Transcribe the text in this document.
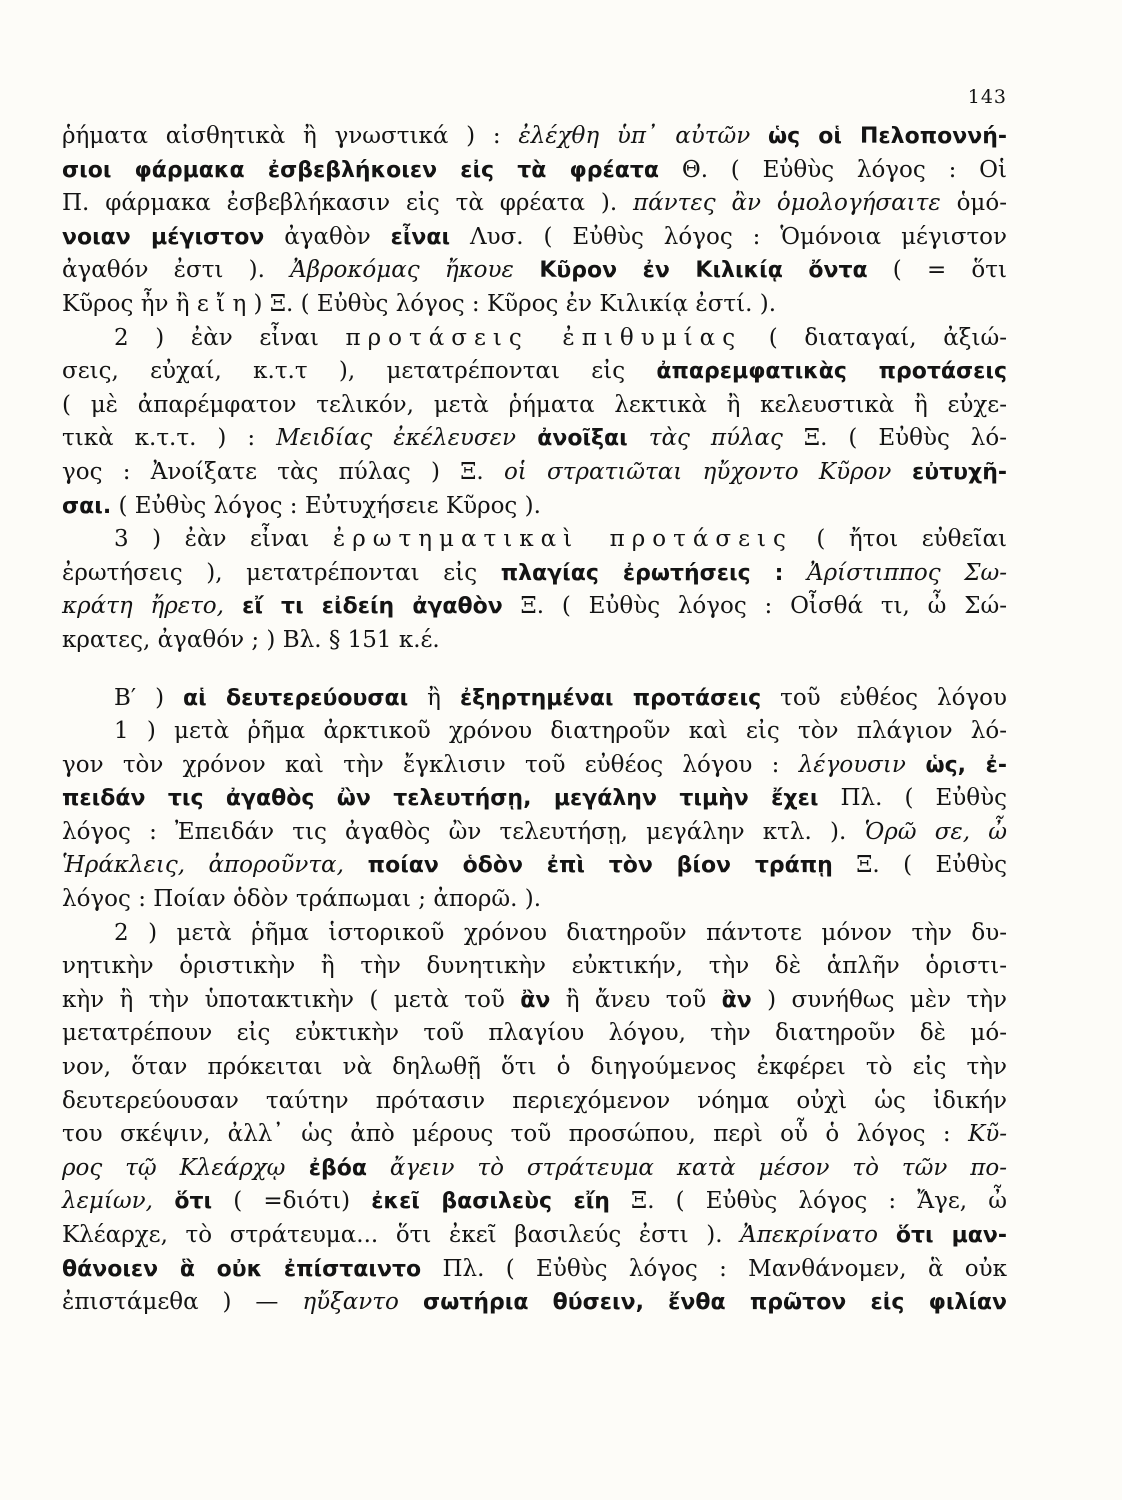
143
ῥήματα αἰσθητικὰ ἢ γνωστικά ) : ἐλέχθη ὑπ᾽ αὐτῶν ὡς οἱ Πελοποννή-
σιοι φάρμακα ἐσβεβλήκοιεν εἰς τὰ φρέατα Θ. ( Εὐθὺς λόγος : Οἱ
Π. φάρμακα ἐσβεβλήκασιν εἰς τὰ φρέατα ). πάντες ἂν ὁμολογήσαιτε ὁμό-
νοιαν μέγιστον ἀγαθὸν εἶναι Λυσ. ( Εὐθὺς λόγος : Ὁμόνοια μέγιστον
ἀγαθόν ἐστι ). Ἀβροκόμας ἤκουε Κῦρον ἐν Κιλικίᾳ ὄντα ( = ὅτι
Κῦρος ἦν ἢ ε ἴ η ) Ξ. ( Εὐθὺς λόγος : Κῦρος ἐν Κιλικίᾳ ἐστί. ).
2 ) ἐὰν εἶναι προτάσεις ἐπιθυμίας ( διαταγαί, ἀξιώ-
σεις, εὐχαί, κ.τ.τ ), μετατρέπονται εἰς ἀπαρεμφατικὰς προτάσεις
( μὲ ἀπαρέμφατον τελικόν, μετὰ ῥήματα λεκτικὰ ἢ κελευστικὰ ἢ εὐχε-
τικὰ κ.τ.τ. ) : Μειδίας ἐκέλευσεν ἀνοῖξαι τὰς πύλας Ξ. ( Εὐθὺς λό-
γος : Ἀνοίξατε τὰς πύλας ) Ξ. οἱ στρατιῶται ηὔχοντο Κῦρον εὐτυχῆ-
σαι. ( Εὐθὺς λόγος : Εὐτυχήσειε Κῦρος ).
3 ) ἐὰν εἶναι ἐρωτηματικαὶ προτάσεις ( ἤτοι εὐθεῖαι
ἐρωτήσεις ), μετατρέπονται εἰς πλαγίας ἐρωτήσεις : Ἀρίστιππος Σω-
κράτη ἤρετο, εἴ τι εἰδείη ἀγαθὸν Ξ. ( Εὐθὺς λόγος : Οἶσθά τι, ὦ Σώ-
κρατες, ἀγαθόν ; ) Βλ. § 151 κ.έ.
Β′ ) αἱ δευτερεύουσαι ἢ ἐξηρτημέναι προτάσεις τοῦ εὐθέος λόγου
1 ) μετὰ ῥῆμα ἀρκτικοῦ χρόνου διατηροῦν καὶ εἰς τὸν πλάγιον λό-
γον τὸν χρόνον καὶ τὴν ἔγκλισιν τοῦ εὐθέος λόγου : λέγουσιν ὡς, ἐ-
πειδάν τις ἀγαθὸς ὢν τελευτήσῃ, μεγάλην τιμὴν ἔχει Πλ. ( Εὐθὺς
λόγος : Ἐπειδάν τις ἀγαθὸς ὢν τελευτήσῃ, μεγάλην κτλ. ). Ὁρῶ σε, ὦ
Ἡράκλεις, ἀποροῦντα, ποίαν ὁδὸν ἐπὶ τὸν βίον τράπῃ Ξ. ( Εὐθὺς
λόγος : Ποίαν ὁδὸν τράπωμαι ; ἀπορῶ. ).
2 ) μετὰ ῥῆμα ἱστορικοῦ χρόνου διατηροῦν πάντοτε μόνον τὴν δυ-
νητικὴν ὁριστικὴν ἢ τὴν δυνητικὴν εὐκτικήν, τὴν δὲ ἁπλῆν ὁριστι-
κὴν ἢ τὴν ὑποτακτικὴν ( μετὰ τοῦ ἂν ἢ ἄνευ τοῦ ἂν ) συνήθως μὲν τὴν
μετατρέπουν εἰς εὐκτικὴν τοῦ πλαγίου λόγου, τὴν διατηροῦν δὲ μό-
νον, ὅταν πρόκειται νὰ δηλωθῇ ὅτι ὁ διηγούμενος ἐκφέρει τὸ εἰς τὴν
δευτερεύουσαν ταύτην πρότασιν περιεχόμενον νόημα οὐχὶ ὡς ἰδικήν
του σκέψιν, ἀλλ᾽ ὡς ἀπὸ μέρους τοῦ προσώπου, περὶ οὗ ὁ λόγος : Κῦ-
ρος τῷ Κλεάρχῳ ἐβόα ἄγειν τὸ στράτευμα κατὰ μέσον τὸ τῶν πο-
λεμίων, ὅτι ( =διότι) ἐκεῖ βασιλεὺς εἴη Ξ. ( Εὐθὺς λόγος : Ἄγε, ὦ
Κλέαρχε, τὸ στράτευμα... ὅτι ἐκεῖ βασιλεύς ἐστι ). Ἀπεκρίνατο ὅτι μαν-
θάνοιεν ἃ οὐκ ἐπίσταιντο Πλ. ( Εὐθὺς λόγος : Μανθάνομεν, ἃ οὐκ
ἐπιστάμεθα ) — ηὔξαντο σωτήρια θύσειν, ἔνθα πρῶτον εἰς φιλίαν
